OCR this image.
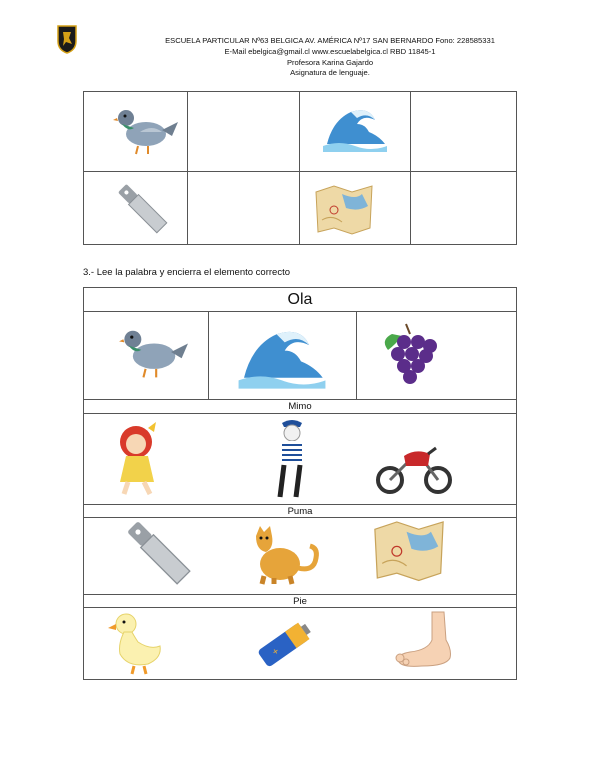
ESCUELA PARTICULAR Nº63 BELGICA AV. AMÉRICA Nº17 SAN BERNARDO Fono: 228585331
E-Mail ebelgica@gmail.cl www.escuelabelgica.cl RBD 11845-1
Profesora Karina Gajardo
Asignatura de lenguaje.
3.- Lee la palabra y encierra el elemento correcto
Ola
Mimo
Puma
Pie
+
